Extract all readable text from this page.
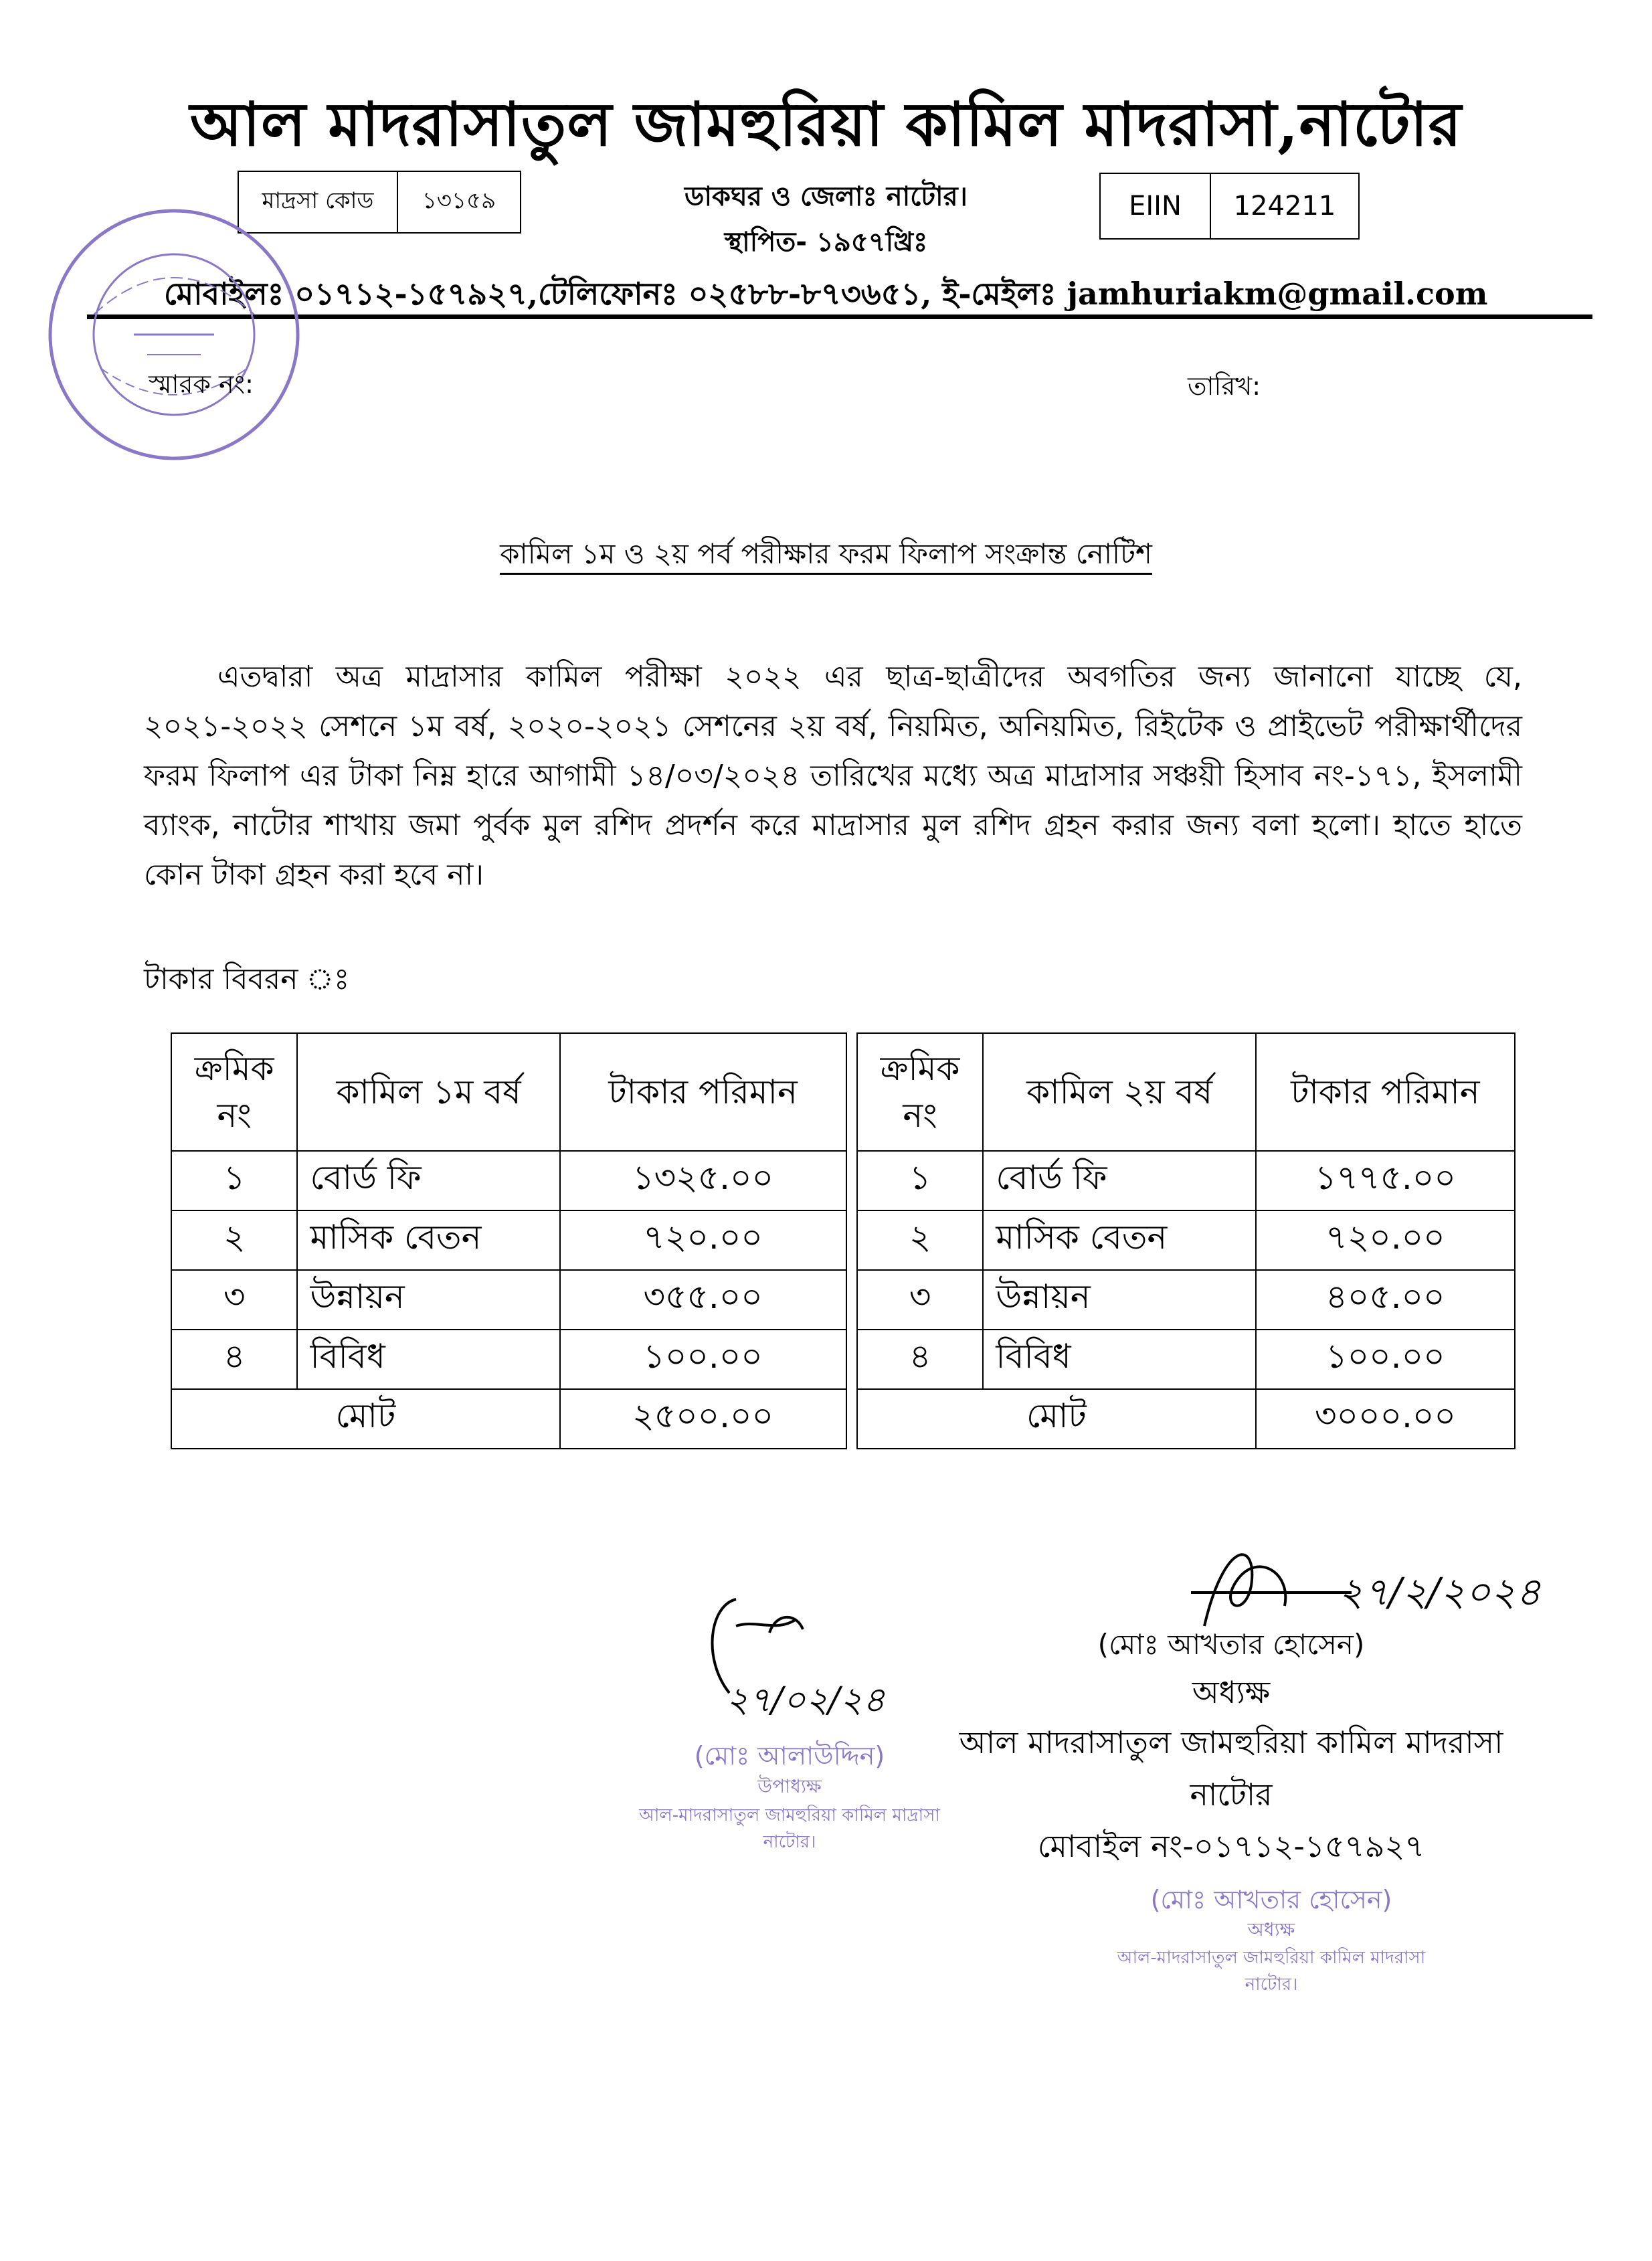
আল মাদরাসাতুল জামহুরিয়া কামিল মাদরাসা,নাটোর
মাদ্রসা কোড	১৩১৫৯	EIIN	124211
ডাকঘর ও জেলাঃ নাটোর।
স্থাপিত- ১৯৫৭খ্রিঃ
মোবাইলঃ ০১৭১২-১৫৭৯২৭,টেলিফোনঃ ০২৫৮৮-৮৭৩৬৫১, ই-মেইলঃ jamhuriakm@gmail.com
স্মারক নং:	তারিখ:
কামিল ১ম ও ২য় পর্ব পরীক্ষার ফরম ফিলাপ সংক্রান্ত নোটিশ
এতদ্বারা অত্র মাদ্রাসার কামিল পরীক্ষা ২০২২ এর ছাত্র-ছাত্রীদের অবগতির জন্য জানানো যাচ্ছে যে, ২০২১-২০২২ সেশনে ১ম বর্ষ, ২০২০-২০২১ সেশনের ২য় বর্ষ, নিয়মিত, অনিয়মিত, রিইটেক ও প্রাইভেট পরীক্ষার্থীদের ফরম ফিলাপ এর টাকা নিম্ন হারে আগামী ১৪/০৩/২০২৪ তারিখের মধ্যে অত্র মাদ্রাসার সঞ্চয়ী হিসাব নং-১৭১, ইসলামী ব্যাংক, নাটোর শাখায় জমা পুর্বক মুল রশিদ প্রদর্শন করে মাদ্রাসার মুল রশিদ গ্রহন করার জন্য বলা হলো। হাতে হাতে কোন টাকা গ্রহন করা হবে না।
টাকার বিবরন ঃ
ক্রমিক নং	কামিল ১ম বর্ষ	টাকার পরিমান		ক্রমিক নং	কামিল ২য় বর্ষ	টাকার পরিমান
১	বোর্ড ফি	১৩২৫.০০		১	বোর্ড ফি	১৭৭৫.০০
২	মাসিক বেতন	৭২০.০০		২	মাসিক বেতন	৭২০.০০
৩	উন্নায়ন	৩৫৫.০০		৩	উন্নায়ন	৪০৫.০০
৪	বিবিধ	১০০.০০		৪	বিবিধ	১০০.০০
মোট		২৫০০.০০		মোট		৩০০০.০০
২৭/২/২০২৪
(মোঃ আখতার হোসেন)
অধ্যক্ষ
আল মাদরাসাতুল জামহুরিয়া কামিল মাদরাসা
নাটোর
মোবাইল নং-০১৭১২-১৫৭৯২৭
২৭/০২/২৪
(মোঃ আলাউদ্দিন)
উপাধ্যক্ষ
আল-মাদরাসাতুল জামহুরিয়া কামিল মাদ্রাসা
নাটোর।
(মোঃ আখতার হোসেন)
অধ্যক্ষ
আল-মাদরাসাতুল জামহুরিয়া কামিল মাদরাসা
নাটোর।
